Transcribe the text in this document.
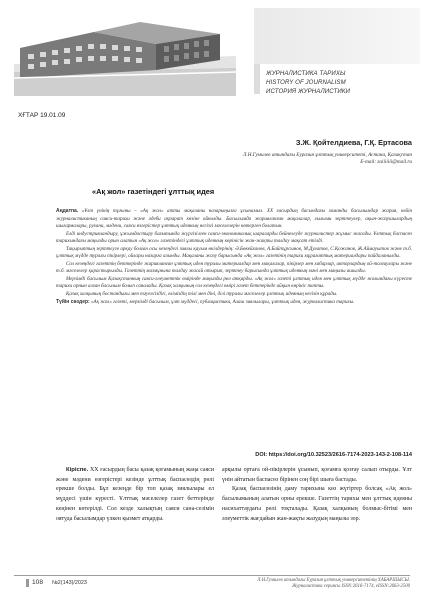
ЖУРНАЛИСТИКА ТАРИХЫ
HISTORY OF JOURNALISM
ИСТОРИЯ ЖУРНАЛИСТИКИ
ХҒТАР 19.01.09
З.Ж. Қойтелдиева, Г.Қ. Ертасова
Л.Н.Гумилев атындағы Еуразия ұлттық университеті, Астана, Қазақстан
E-mail: zaiiiiiii@mail.ru
«Ақ жол» газетіндегі ұлттық идея

Аңдатпа. «Ұлт үнінің тұғыны – «Ақ жол» атты мақаланы назарыңызға ұсынамыз. XX ғасырдың басындағы заманды басылымдар жария, кейін журналистиканың саяси-тарихи және әдеби ақпарат көзіне айналды. Басылымда жарияланған мақалалар, ғылыми зерттеулер, ақын-жазушылардың шығармалары, рухани, мәдени, саяси өзгерістер ұлттық идеяның негізгі мәселелерін көтерген болатын.

Елді индустрияландыру, ұжымдастыру бағытында жүргізілген саяси-экономикалық шараларды бейнелеуде журналистер жұмыс жасады. Ұлттық баспасөз тарихындағы маңызды орын алатын «Ақ жол» газетіндегі ұлттық идеяның көрінісін жан-жақты талдау мақсат етілді.

Тақырыптың зерттеуге арқау болған осы кезеңдегі зиялы қауым өкілдерінің: Ә.Бөкейханов, А.Байтұрсынов, М.Дулатов, С.Қожанов, Ж.Аймауытов және т.б. ұлттық мүдде туралы пікірлері, ойлары назарға алынды. Мақаланы жазу барысында «Ақ жол» газетінің тарихи мұрағаттық материалдары пайдаланылды.

Сол кезеңдегі газеттің беттерінде жарияланған ұлттық идея туралы материалдар мен мақалалар, пікірлер мен хабарлар, авторлардың ой-толғаулары және т.б. мәселелер қарастырылды. Газеттің мазмұнына талдау жасай отырып, зерттеу барысында ұлттық идеяның мәні мен маңызы ашылды.

Мерзімді басылым Қазақстанның саяси-әлеуметтік өмірінде маңызды рөл атқарды. «Ақ жол» газеті ұлттық идея мен ұлттық мүдде жолындағы күресте тарихи орнын алған басылым болып саналады. Қазақ халқының сол кезеңдегі өмірі газет беттерінде айқын көрініс тапты.

Қазақ халқының бостандығы мен тәуелсіздігі, еліміздің тілі мен діні, ділі туралы мәселелер ұлттық идеяның негізін құрады.

Түйін сөздер: «Ақ жол» газеті, мерзімді басылым, ұлт мүддесі, публицистика, Алаш зиялылары, ұлттық идея, журналистика тарихы.

DOI: https://doi.org/10.32523/2616-7174-2023-143-2-108-114

Кіріспе. XX ғасырдың басы қазақ қоғамының жаңа саяси және мәдени өзгерістері кезінде ұлттық баспасөздің рөлі ерекше болды. Бұл кезеңде бір топ қазақ зиялылары ел мүддесі үшін күресті. Ұлттық мәселелер газет беттерінде кеңінен көтерілді. Сол кезде халықтың саяси сана-сезімін оятуда басылымдар үлкен қызмет атқарды.

арқылы ортаға ой-пікірлерін ұсынып, қоғамға қозғау салып отырды. Ұлт үнін айтатын баспасөз бірінен соң бірі шыға бастады.

Қазақ баспасөзінің даму тарихына көз жүгіртер болсақ «Ақ жол» басылымының алатын орны ерекше. Газеттің тарихы мен ұлттық идеяны насихаттаудағы рөлі тоқталады. Қазақ халқының болмыс-бітімі мен әлеуметтік жағдайын жан-жақты жазудың маңызы зор.

108 №2(143)/2023	Л.Н.Гумилев атындағы Еуразия ұлттық университетінің ХАБАРШЫСЫ.
Журналистика сериясы ISSN:2616-7174, eISSN:2663-2500
